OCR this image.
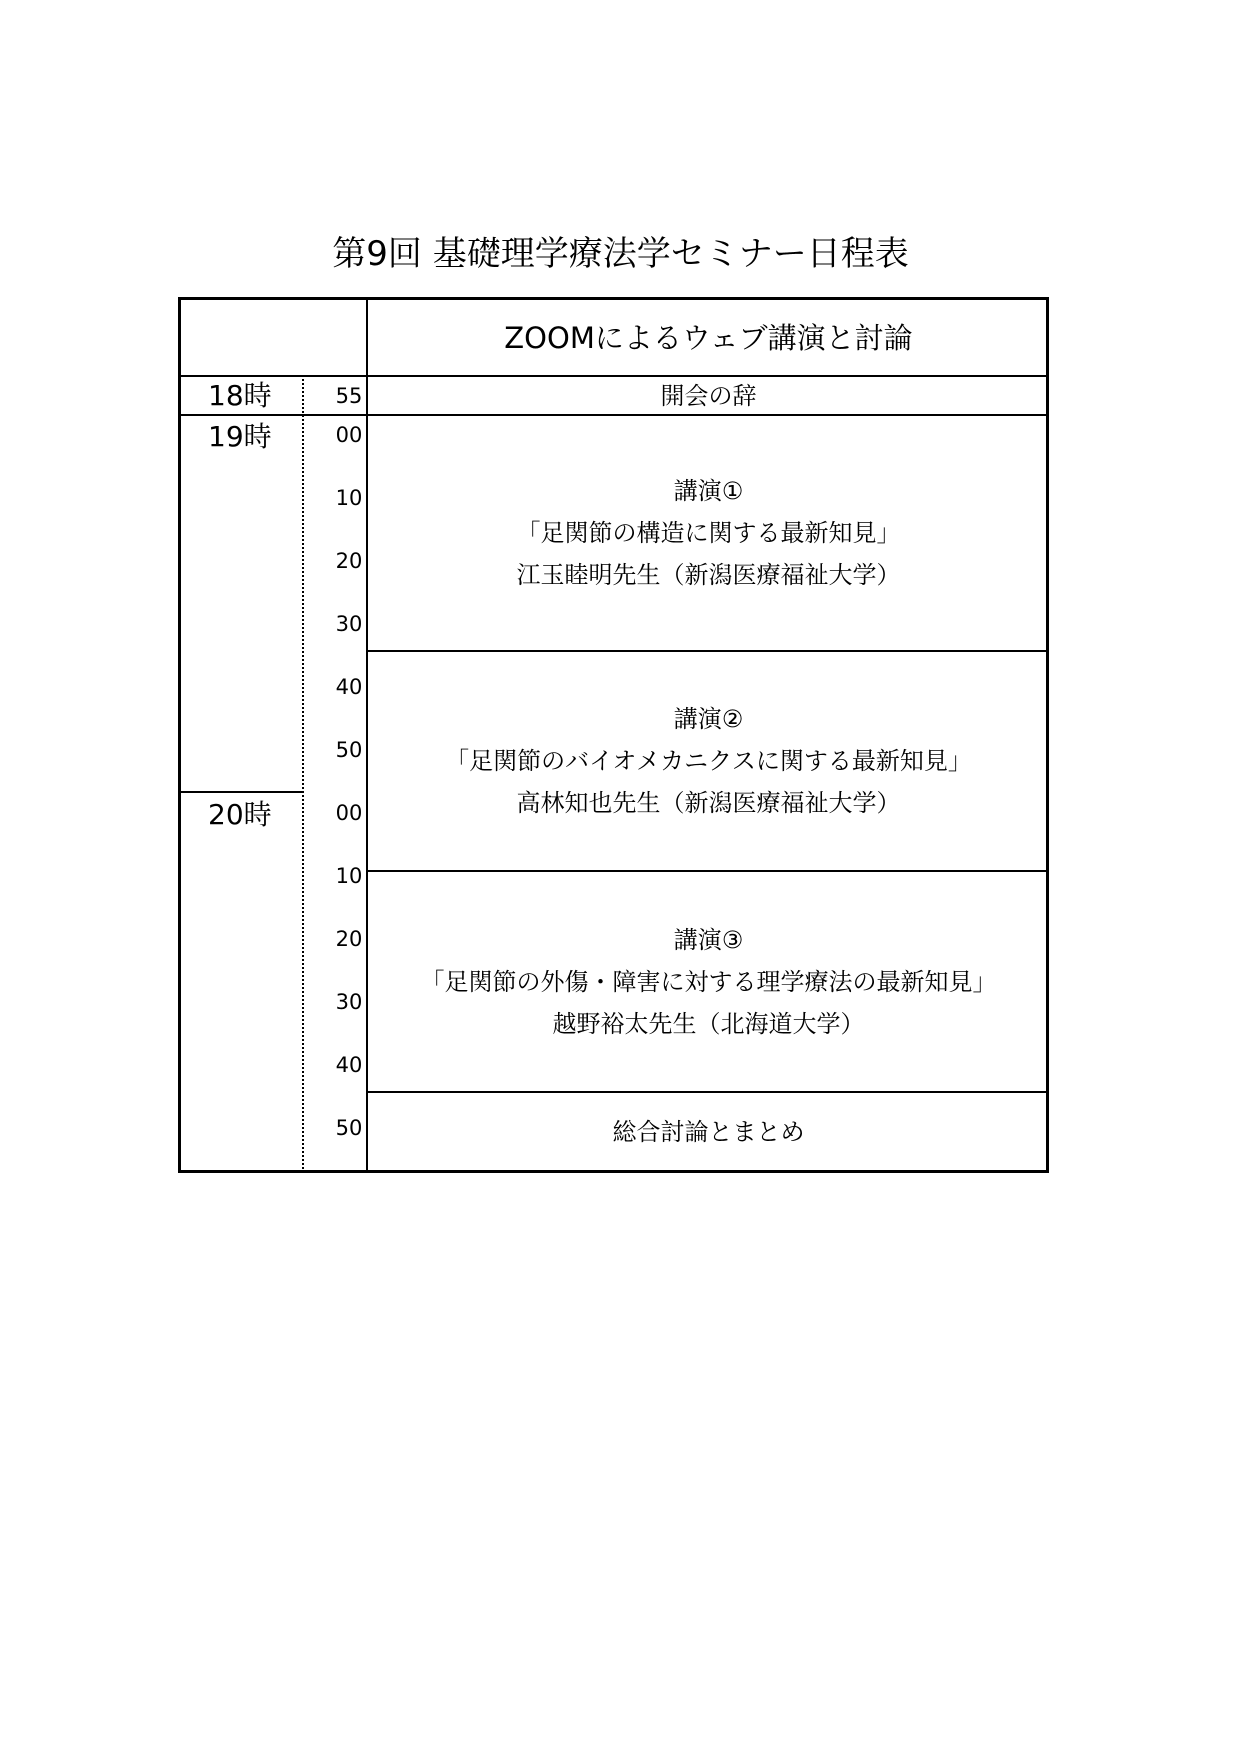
第9回 基礎理学療法学セミナー日程表
ZOOMによるウェブ講演と討論
18時
19時
20時
55
00
10
20
30
40
50
00
10
20
30
40
50
開会の辞
講演①
「足関節の構造に関する最新知見」
江玉睦明先生（新潟医療福祉大学）
講演②
「足関節のバイオメカニクスに関する最新知見」
高林知也先生（新潟医療福祉大学）
講演③
「足関節の外傷・障害に対する理学療法の最新知見」
越野裕太先生（北海道大学）
総合討論とまとめ
